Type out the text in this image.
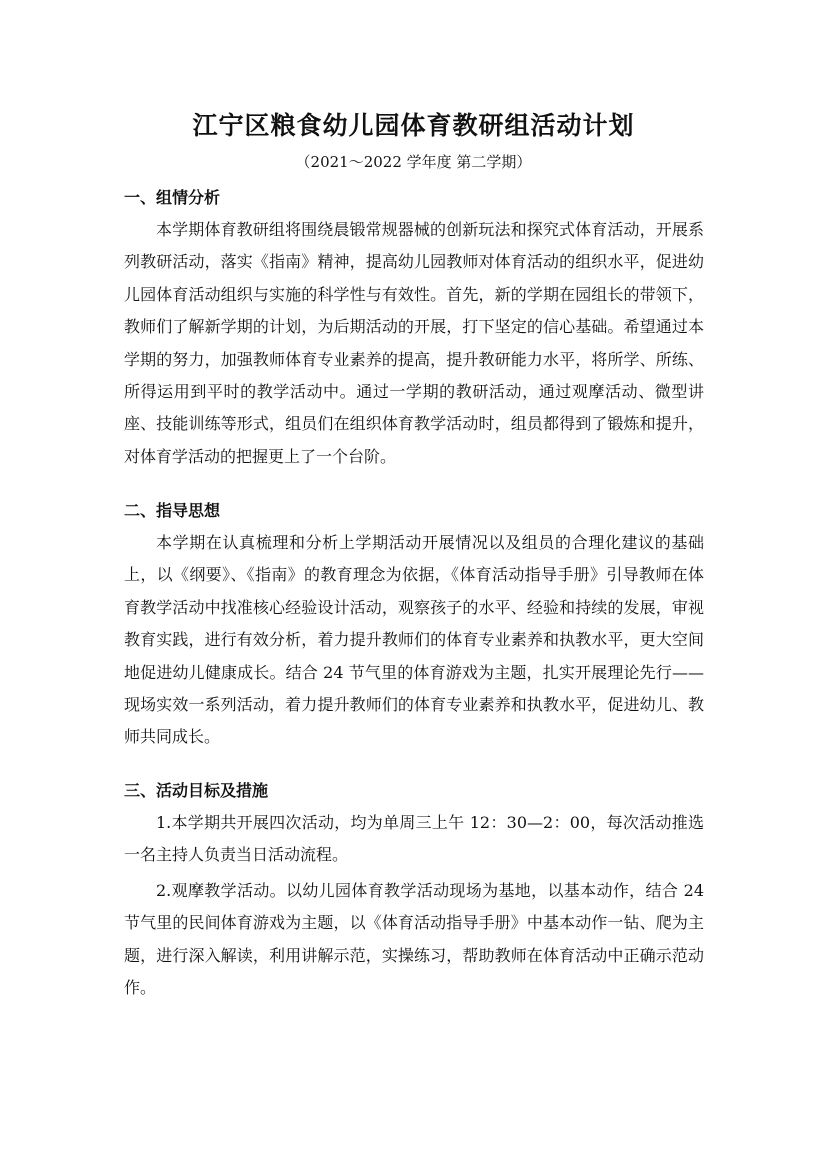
江宁区粮食幼儿园体育教研组活动计划
（2021～2022 学年度 第二学期）
一、组情分析
本学期体育教研组将围绕晨锻常规器械的创新玩法和探究式体育活动，开展系列教研活动，落实《指南》精神，提高幼儿园教师对体育活动的组织水平，促进幼儿园体育活动组织与实施的科学性与有效性。首先，新的学期在园组长的带领下，教师们了解新学期的计划，为后期活动的开展，打下坚定的信心基础。希望通过本学期的努力，加强教师体育专业素养的提高，提升教研能力水平，将所学、所练、所得运用到平时的教学活动中。通过一学期的教研活动，通过观摩活动、微型讲座、技能训练等形式，组员们在组织体育教学活动时，组员都得到了锻炼和提升，对体育学活动的把握更上了一个台阶。
二、指导思想
本学期在认真梳理和分析上学期活动开展情况以及组员的合理化建议的基础上，以《纲要》、《指南》的教育理念为依据，《体育活动指导手册》引导教师在体育教学活动中找准核心经验设计活动，观察孩子的水平、经验和持续的发展，审视教育实践，进行有效分析，着力提升教师们的体育专业素养和执教水平，更大空间地促进幼儿健康成长。结合 24 节气里的体育游戏为主题，扎实开展理论先行——现场实效一系列活动，着力提升教师们的体育专业素养和执教水平，促进幼儿、教师共同成长。
三、活动目标及措施
1.本学期共开展四次活动，均为单周三上午 12：30—2：00，每次活动推选一名主持人负责当日活动流程。
2.观摩教学活动。以幼儿园体育教学活动现场为基地，以基本动作，结合 24 节气里的民间体育游戏为主题，以《体育活动指导手册》中基本动作一钻、爬为主题，进行深入解读，利用讲解示范，实操练习，帮助教师在体育活动中正确示范动作。
